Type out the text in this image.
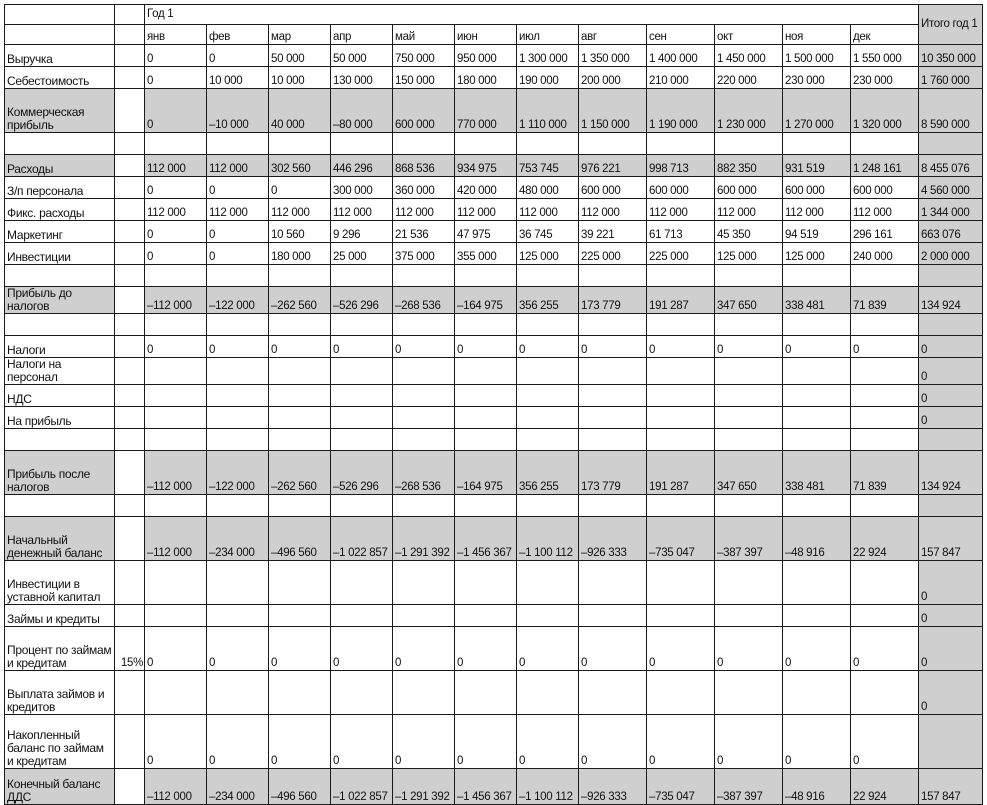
		Год 1												Итого год 1
		янв	фев	мар	апр	май	июн	июл	авг	сен	окт	ноя	дек	
Выручка		0	0	50 000	50 000	750 000	950 000	1 300 000	1 350 000	1 400 000	1 450 000	1 500 000	1 550 000	10 350 000
Себестоимость		0	10 000	10 000	130 000	150 000	180 000	190 000	200 000	210 000	220 000	230 000	230 000	1 760 000
Коммерческая прибыль		0	–10 000	40 000	–80 000	600 000	770 000	1 110 000	1 150 000	1 190 000	1 230 000	1 270 000	1 320 000	8 590 000

Расходы		112 000	112 000	302 560	446 296	868 536	934 975	753 745	976 221	998 713	882 350	931 519	1 248 161	8 455 076
З/п персонала		0	0	0	300 000	360 000	420 000	480 000	600 000	600 000	600 000	600 000	600 000	4 560 000
Фикс. расходы		112 000	112 000	112 000	112 000	112 000	112 000	112 000	112 000	112 000	112 000	112 000	112 000	1 344 000
Маркетинг		0	0	10 560	9 296	21 536	47 975	36 745	39 221	61 713	45 350	94 519	296 161	663 076
Инвестиции		0	0	180 000	25 000	375 000	355 000	125 000	225 000	225 000	125 000	125 000	240 000	2 000 000

Прибыль до налогов		–112 000	–122 000	–262 560	–526 296	–268 536	–164 975	356 255	173 779	191 287	347 650	338 481	71 839	134 924

Налоги		0	0	0	0	0	0	0	0	0	0	0	0	0
Налоги на персонал														0
НДС														0
На прибыль														0

Прибыль после налогов		–112 000	–122 000	–262 560	–526 296	–268 536	–164 975	356 255	173 779	191 287	347 650	338 481	71 839	134 924

Начальный денежный баланс		–112 000	–234 000	–496 560	–1 022 857	–1 291 392	–1 456 367	–1 100 112	–926 333	–735 047	–387 397	–48 916	22 924	157 847
Инвестиции в уставной капитал														0
Займы и кредиты														0
Процент по займам и кредитам	15%	0	0	0	0	0	0	0	0	0	0	0	0	0
Выплата займов и кредитов														0
Накопленный баланс по займам и кредитам		0	0	0	0	0	0	0	0	0	0	0	0	
Конечный баланс ДДС		–112 000	–234 000	–496 560	–1 022 857	–1 291 392	–1 456 367	–1 100 112	–926 333	–735 047	–387 397	–48 916	22 924	157 847
